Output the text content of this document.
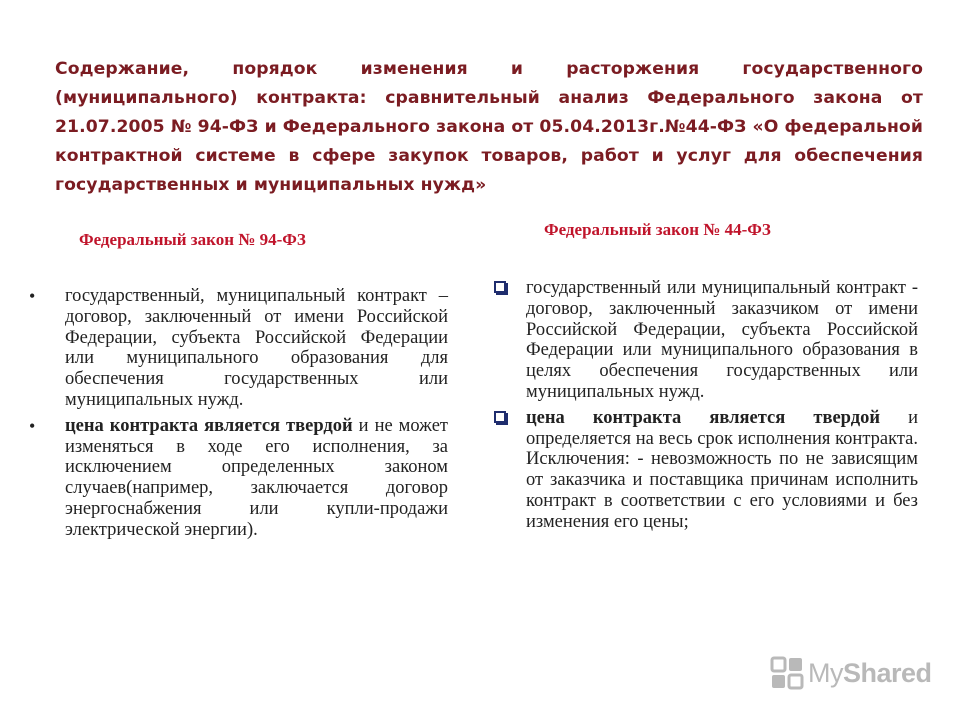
Содержание, порядок изменения и расторжения государственного (муниципального) контракта: сравнительный анализ Федерального закона от 21.07.2005 № 94-ФЗ и Федерального закона от 05.04.2013г.№44-ФЗ «О федеральной контрактной системе в сфере закупок товаров, работ и услуг для обеспечения государственных и муниципальных нужд»

Федеральный закон № 94-ФЗ
Федеральный закон № 44-ФЗ
• государственный, муниципальный контракт – договор, заключенный от имени Российской Федерации, субъекта Российской Федерации или муниципального образования для обеспечения государственных или муниципальных нужд.
• цена контракта является твердой и не может изменяться в ходе его исполнения, за исключением определенных законом случаев(например, заключается договор энергоснабжения или купли-продажи электрической энергии).
государственный или муниципальный контракт - договор, заключенный заказчиком от имени Российской Федерации, субъекта Российской Федерации или муниципального образования в целях обеспечения государственных или муниципальных нужд.
цена контракта является твердой и определяется на весь срок исполнения контракта. Исключения: - невозможность по не зависящим от заказчика и поставщика причинам исполнить контракт в соответствии с его условиями и без изменения его цены;
My Shared
